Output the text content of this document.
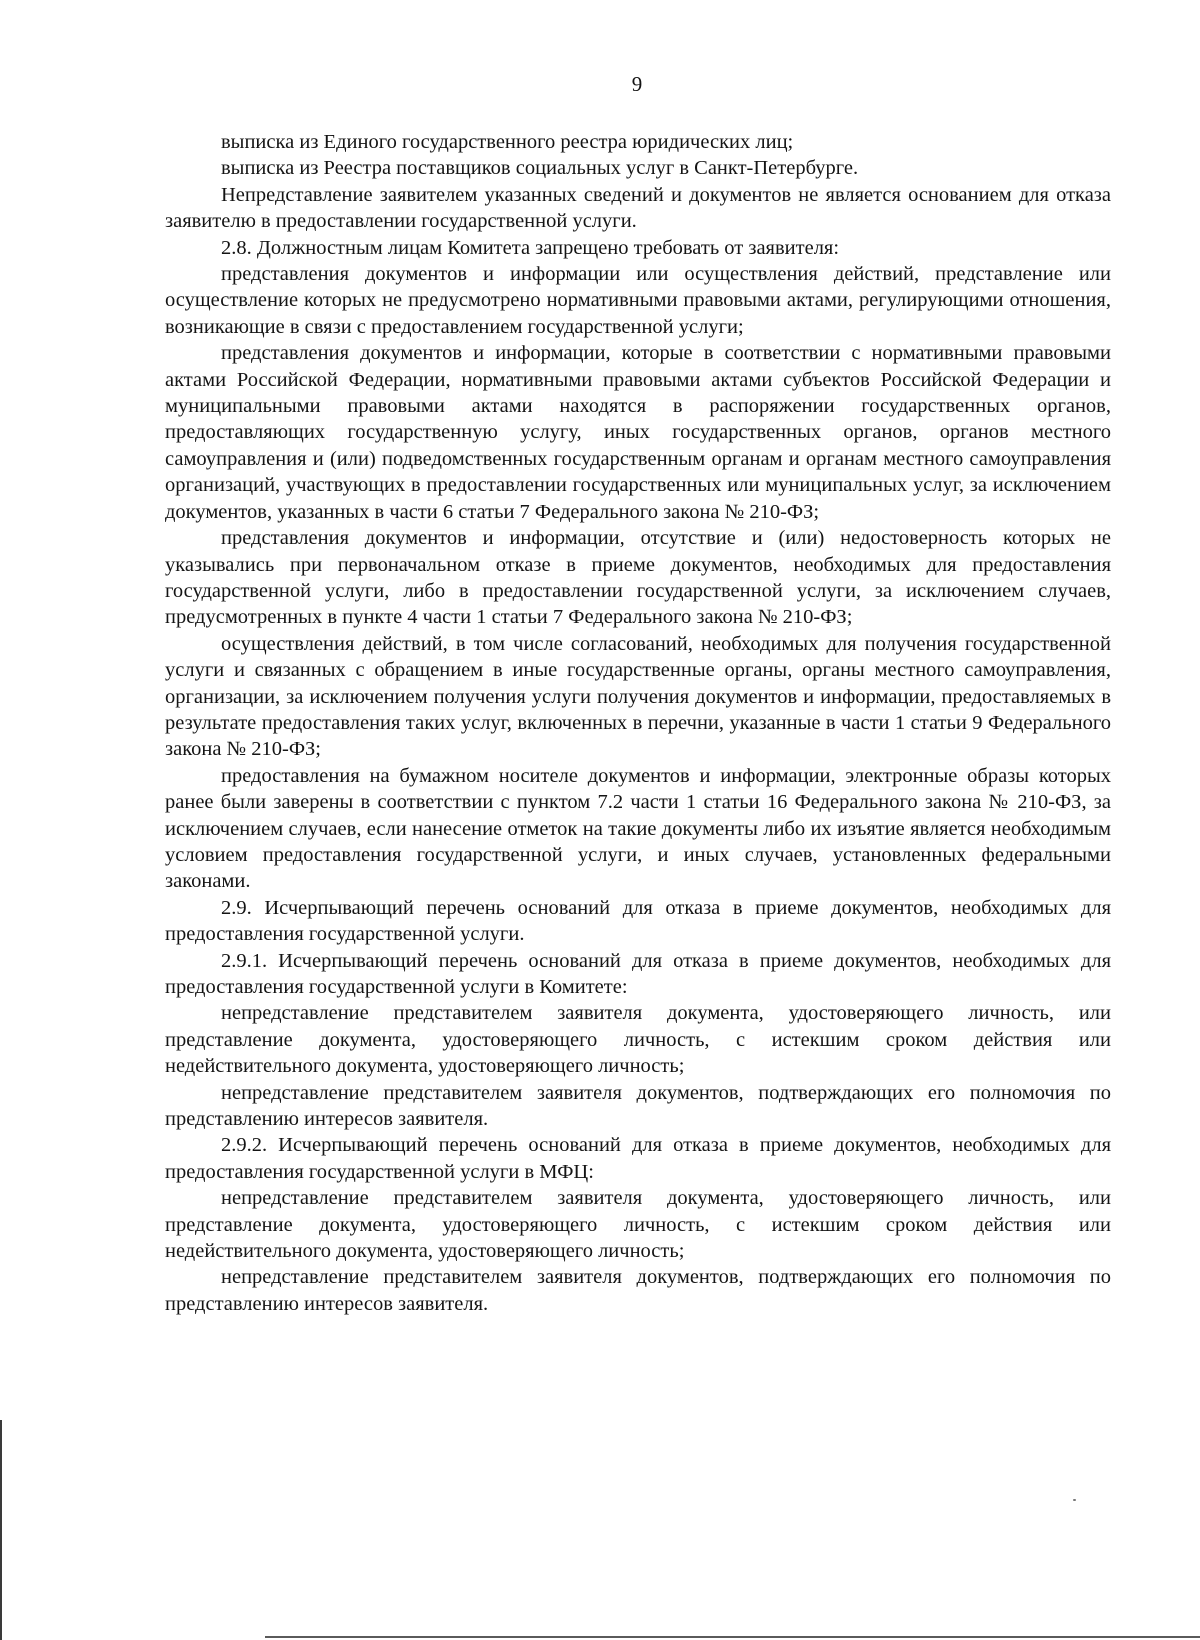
9

выписка из Единого государственного реестра юридических лиц;

выписка из Реестра поставщиков социальных услуг в Санкт-Петербурге.

Непредставление заявителем указанных сведений и документов не является основанием для отказа заявителю в предоставлении государственной услуги.

2.8. Должностным лицам Комитета запрещено требовать от заявителя:

представления документов и информации или осуществления действий, представление или осуществление которых не предусмотрено нормативными правовыми актами, регулирующими отношения, возникающие в связи с предоставлением государственной услуги;

представления документов и информации, которые в соответствии с нормативными правовыми актами Российской Федерации, нормативными правовыми актами субъектов Российской Федерации и муниципальными правовыми актами находятся в распоряжении государственных органов, предоставляющих государственную услугу, иных государственных органов, органов местного самоуправления и (или) подведомственных государственным органам и органам местного самоуправления организаций, участвующих в предоставлении государственных или муниципальных услуг, за исключением документов, указанных в части 6 статьи 7 Федерального закона № 210-ФЗ;

представления документов и информации, отсутствие и (или) недостоверность которых не указывались при первоначальном отказе в приеме документов, необходимых для предоставления государственной услуги, либо в предоставлении государственной услуги, за исключением случаев, предусмотренных в пункте 4 части 1 статьи 7 Федерального закона № 210-ФЗ;

осуществления действий, в том числе согласований, необходимых для получения государственной услуги и связанных с обращением в иные государственные органы, органы местного самоуправления, организации, за исключением получения услуги получения документов и информации, предоставляемых в результате предоставления таких услуг, включенных в перечни, указанные в части 1 статьи 9 Федерального закона № 210-ФЗ;

предоставления на бумажном носителе документов и информации, электронные образы которых ранее были заверены в соответствии с пунктом 7.2 части 1 статьи 16 Федерального закона № 210-ФЗ, за исключением случаев, если нанесение отметок на такие документы либо их изъятие является необходимым условием предоставления государственной услуги, и иных случаев, установленных федеральными законами.

2.9. Исчерпывающий перечень оснований для отказа в приеме документов, необходимых для предоставления государственной услуги.

2.9.1. Исчерпывающий перечень оснований для отказа в приеме документов, необходимых для предоставления государственной услуги в Комитете:

непредставление представителем заявителя документа, удостоверяющего личность, или представление документа, удостоверяющего личность, с истекшим сроком действия или недействительного документа, удостоверяющего личность;

непредставление представителем заявителя документов, подтверждающих его полномочия по представлению интересов заявителя.

2.9.2. Исчерпывающий перечень оснований для отказа в приеме документов, необходимых для предоставления государственной услуги в МФЦ:

непредставление представителем заявителя документа, удостоверяющего личность, или представление документа, удостоверяющего личность, с истекшим сроком действия или недействительного документа, удостоверяющего личность;

непредставление представителем заявителя документов, подтверждающих его полномочия по представлению интересов заявителя.
